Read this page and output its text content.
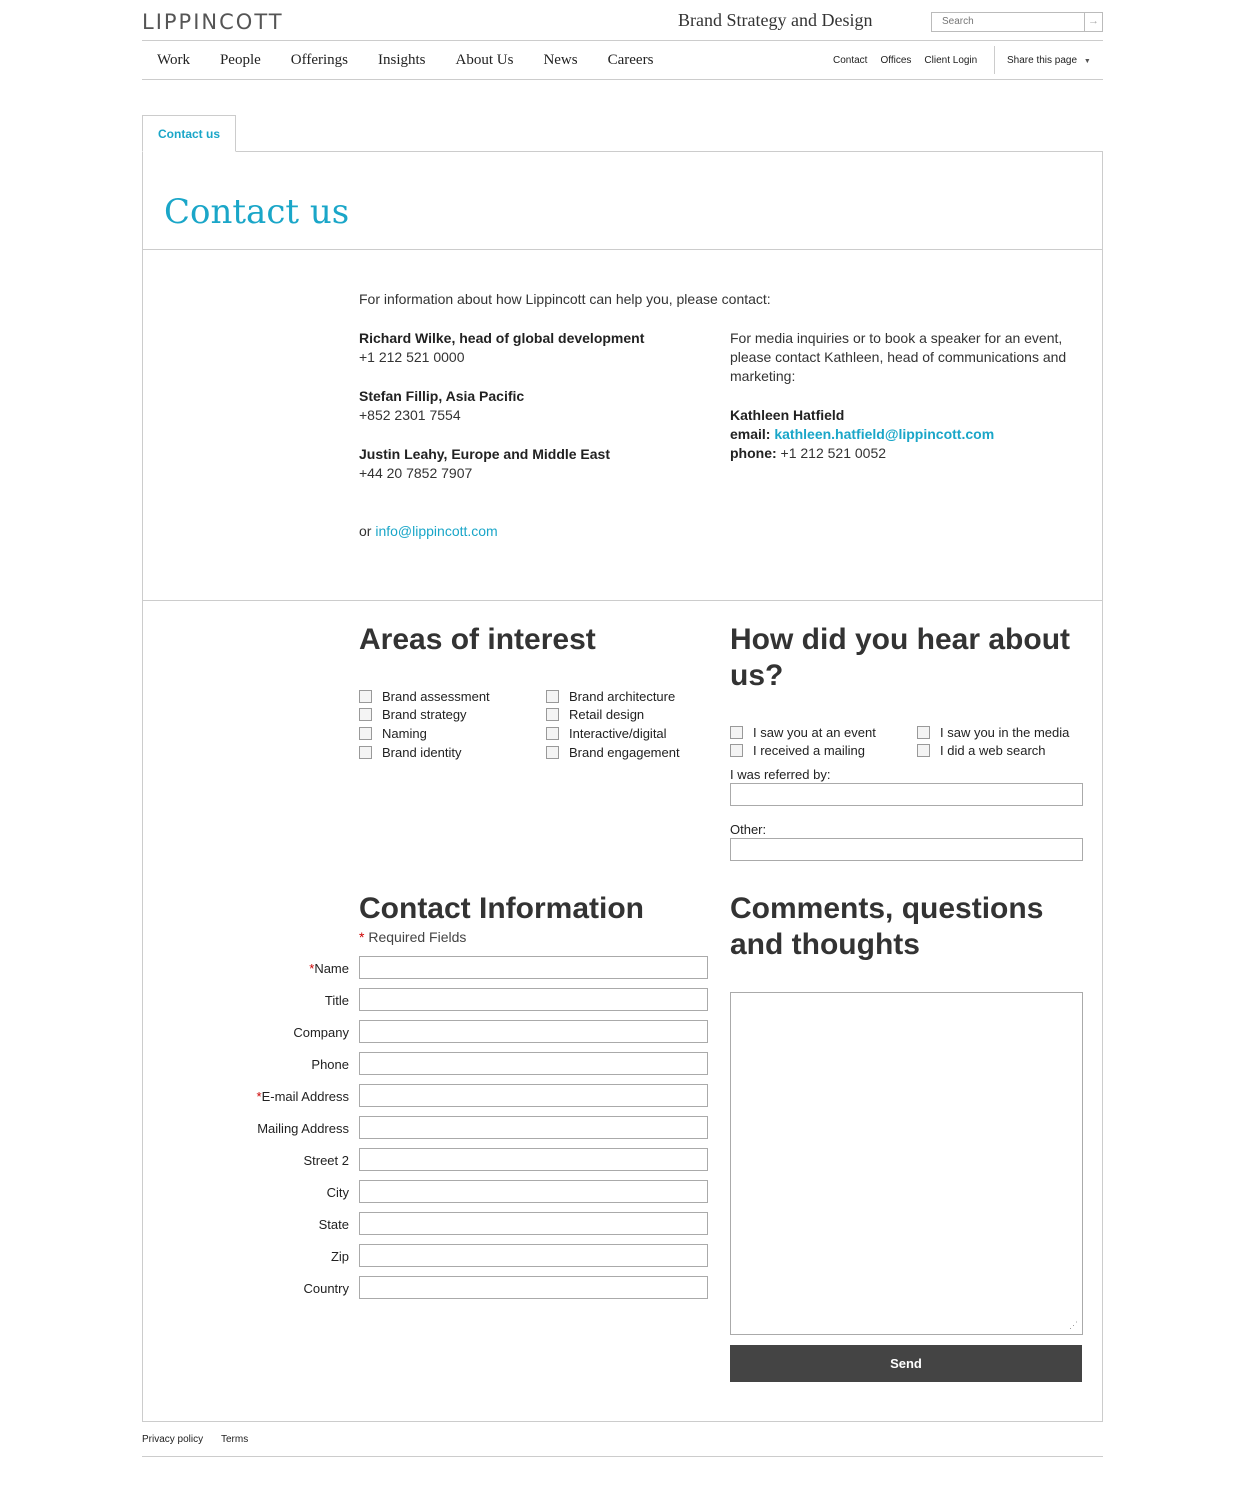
LIPPINCOTT	Brand Strategy and Design
Search	→
Work People Offerings Insights About Us News Careers	Contact Offices Client Login	Share this page ▼
Contact us
Contact us
For information about how Lippincott can help you, please contact:
Richard Wilke, head of global development
+1 212 521 0000
Stefan Fillip, Asia Pacific
+852 2301 7554
Justin Leahy, Europe and Middle East
+44 20 7852 7907
or info@lippincott.com
For media inquiries or to book a speaker for an event, please contact Kathleen, head of communications and marketing:
Kathleen Hatfield
email: kathleen.hatfield@lippincott.com
phone: +1 212 521 0052
Areas of interest
Brand assessment
Brand strategy
Naming
Brand identity
Brand architecture
Retail design
Interactive/digital
Brand engagement
How did you hear about us?
I saw you at an event	I saw you in the media
I received a mailing	I did a web search
I was referred by:
Other:
Contact Information
* Required Fields
*Name
Title
Company
Phone
*E-mail Address
Mailing Address
Street 2
City
State
Zip
Country
Comments, questions and thoughts
⋰
Send
Privacy policy Terms
